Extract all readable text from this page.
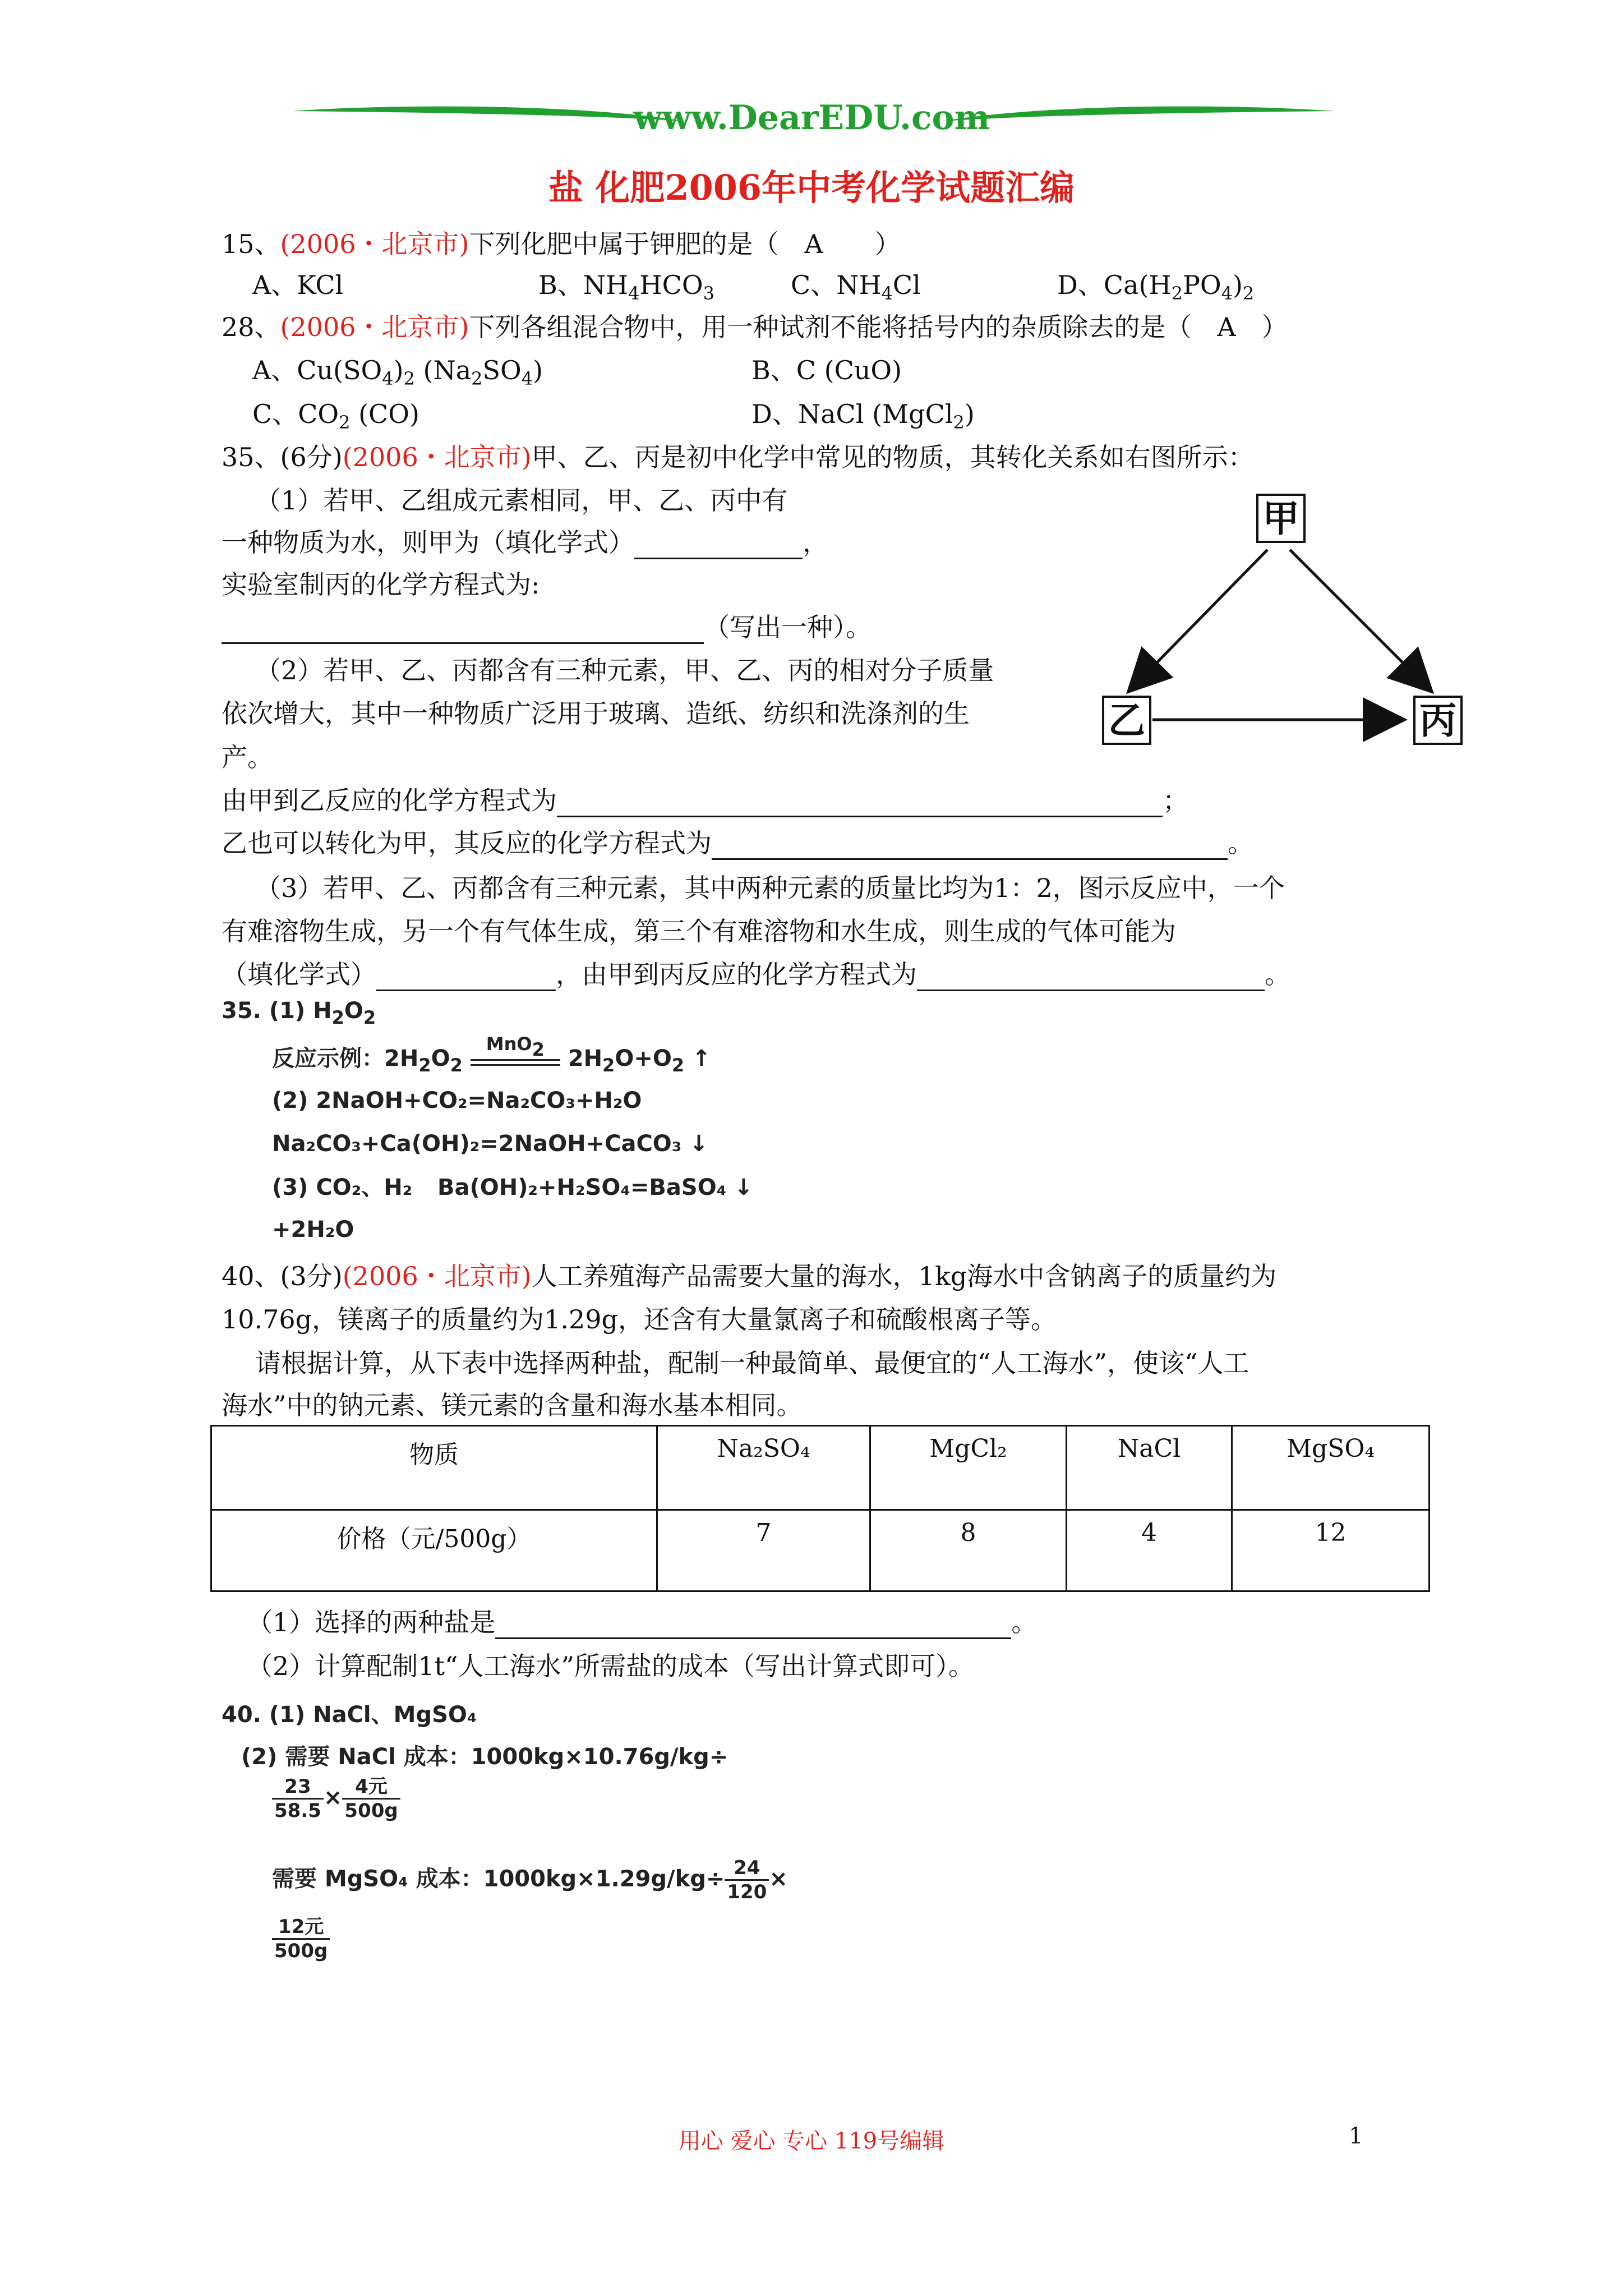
www.DearEDU.com
盐 化肥2006年中考化学试题汇编
15、(2006・北京市)下列化肥中属于钾肥的是（　A　　）
A、KCl	B、$NH_4HCO_3$	C、$NH_4Cl$	D、$Ca(H_2PO_4)_2$
28、(2006・北京市)下列各组混合物中，用一种试剂不能将括号内的杂质除去的是（　A　）
A、$Cu(SO_4)_2$ $(Na_2SO_4)$	B、C (CuO)
C、$CO_2$ (CO)	D、NaCl (MgCl$_2$)
35、(6分)(2006・北京市)甲、乙、丙是初中化学中常见的物质，其转化关系如右图所示：
（1）若甲、乙组成元素相同，甲、乙、丙中有
一种物质为水，则甲为（填化学式）	，
实验室制丙的化学方程式为:
（写出一种）。
（2）若甲、乙、丙都含有三种元素，甲、乙、丙的相对分子质量
依次增大，其中一种物质广泛用于玻璃、造纸、纺织和洗涤剂的生
产。
由甲到乙反应的化学方程式为	；
乙也可以转化为甲，其反应的化学方程式为	。
（3）若甲、乙、丙都含有三种元素，其中两种元素的质量比均为1：2，图示反应中，一个
有难溶物生成，另一个有气体生成，第三个有难溶物和水生成，则生成的气体可能为
（填化学式）	，由甲到丙反应的化学方程式为	。
甲
乙	丙
35. (1) $H_2O_2$
反应示例：$2H_2O_2$
MnO$_2$	$2H_2O+O_2$ ↑
(2) 2NaOH+CO₂=Na₂CO₃+H₂O
Na₂CO₃+Ca(OH)₂=2NaOH+CaCO₃ ↓
(3) CO₂、H₂ Ba(OH)₂+H₂SO₄=BaSO₄ ↓
+2H₂O
40、(3分)(2006・北京市)人工养殖海产品需要大量的海水，1kg海水中含钠离子的质量约为
10.76g，镁离子的质量约为1.29g，还含有大量氯离子和硫酸根离子等。
请根据计算，从下表中选择两种盐，配制一种最简单、最便宜的“人工海水”，使该“人工
海水”中的钠元素、镁元素的含量和海水基本相同。
物质	Na₂SO₄	MgCl₂	NaCl	MgSO₄
价格（元/500g）	7	8	4	12
（1）选择的两种盐是	。
（2）计算配制1t“人工海水”所需盐的成本（写出计算式即可）。
40. (1) NaCl、MgSO₄
(2) 需要 NaCl 成本：1000kg×10.76g/kg÷
$\frac{23}{58.5} \times \frac{\text{4元}}{500g}$
需要 MgSO₄ 成本：$1000kg\times 1.29g/kg\div \frac{24}{120}$ ×
$\frac{\text{12元}}{500g}$
用心 爱心 专心 119号编辑	1
